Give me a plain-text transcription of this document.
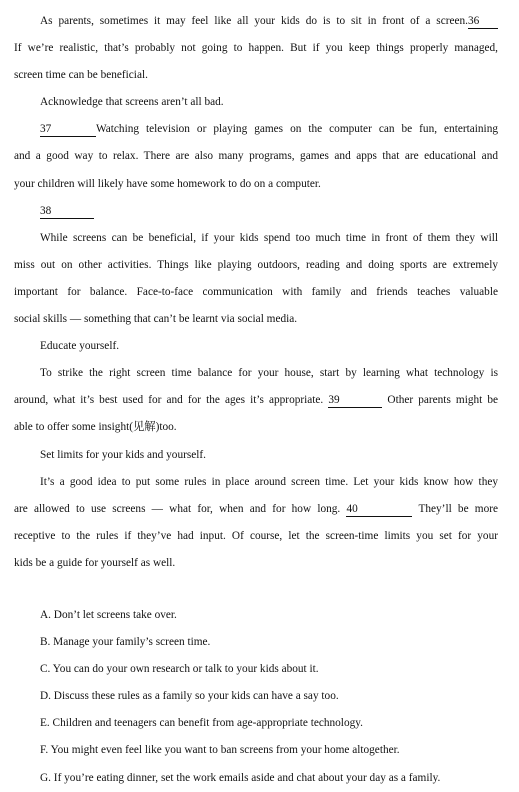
As parents, sometimes it may feel like all your kids do is to sit in front of a screen.36
If we’re realistic, that’s probably not going to happen. But if you keep things properly managed,
screen time can be beneficial.
Acknowledge that screens aren’t all bad.
37	Watching television or playing games on the computer can be fun, entertaining
and a good way to relax. There are also many programs, games and apps that are educational and
your children will likely have some homework to do on a computer.
38
While screens can be beneficial, if your kids spend too much time in front of them they will
miss out on other activities. Things like playing outdoors, reading and doing sports are extremely
important for balance. Face-to-face communication with family and friends teaches valuable
social skills — something that can’t be learnt via social media.
Educate yourself.
To strike the right screen time balance for your house, start by learning what technology is
around, what it’s best used for and for the ages it’s appropriate. 39	Other parents might be
able to offer some insight(见解)too.
Set limits for your kids and yourself.
It’s a good idea to put some rules in place around screen time. Let your kids know how they
are allowed to use screens — what for, when and for how long. 40	They’ll be more
receptive to the rules if they’ve had input. Of course, let the screen-time limits you set for your
kids be a guide for yourself as well.
A. Don’t let screens take over.
B. Manage your family’s screen time.
C. You can do your own research or talk to your kids about it.
D. Discuss these rules as a family so your kids can have a say too.
E. Children and teenagers can benefit from age-appropriate technology.
F. You might even feel like you want to ban screens from your home altogether.
G. If you’re eating dinner, set the work emails aside and chat about your day as a family.
